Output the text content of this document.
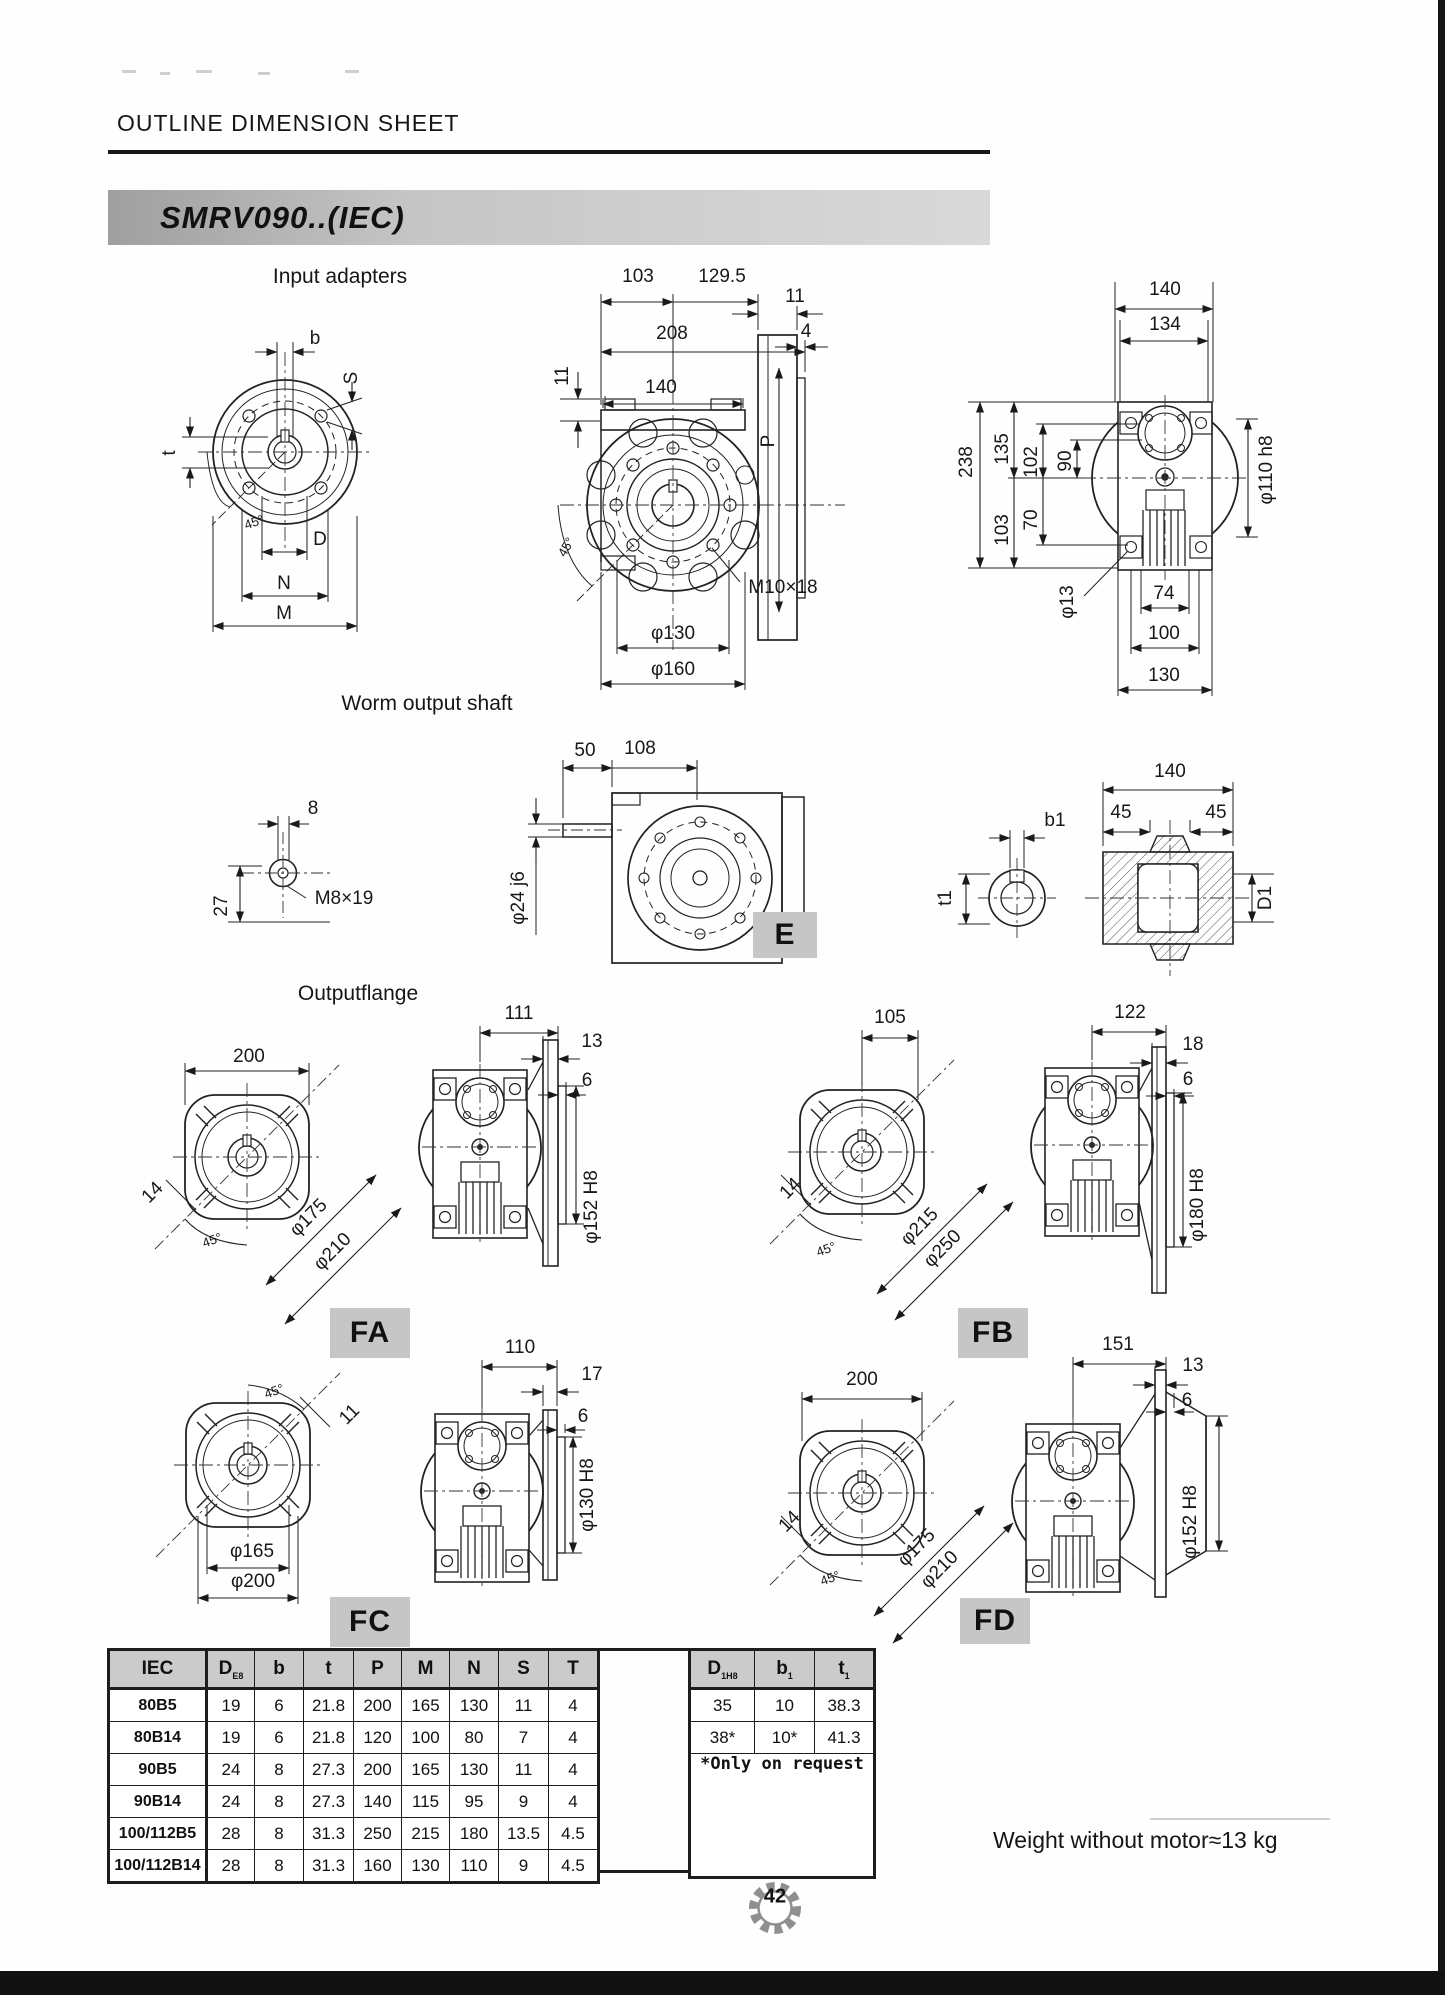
OUTLINE DIMENSION SHEET
SMRV090..(IEC)
Input adapters
Worm output shaft
Outputflange
b
S
t
45°
D
N
M
103 129.5
11
4
208
140
11
P
45°
M10×18
φ130
φ160
140
134
238 135 102 90
103 70
φ110 h8
φ13	74
100
130
8
27	M8×19
50 108
φ24 j6
b1
t1
140
45	45
D1
200
14
45°	φ175
φ210
111
13
6
φ152 H8
105
14
45°	φ215
φ250
122
18
6
φ180 H8
45°
11
φ165
φ200
110
17
6
φ130 H8
200
14
45°
φ175
φ210
151
13
6
φ152 H8
E
FA	FB
FC	FD
IEC	$D_{E8}$	b	t	P	M	N	S	T
80B5	19	6	21.8	200	165	130	11	4
80B14	19	6	21.8	120	100	80	7	4
90B5	24	8	27.3	200	165	130	11	4
90B14	24	8	27.3	140	115	95	9	4
100/112B5	28	8	31.3	250	215	180	13.5	4.5
100/112B14	28	8	31.3	160	130	110	9	4.5
$D_{1H8}$	$b_1$	$t_1$
35	10	38.3
38*	10*	41.3
*Only on request		
Weight without motor≈13 kg
42
